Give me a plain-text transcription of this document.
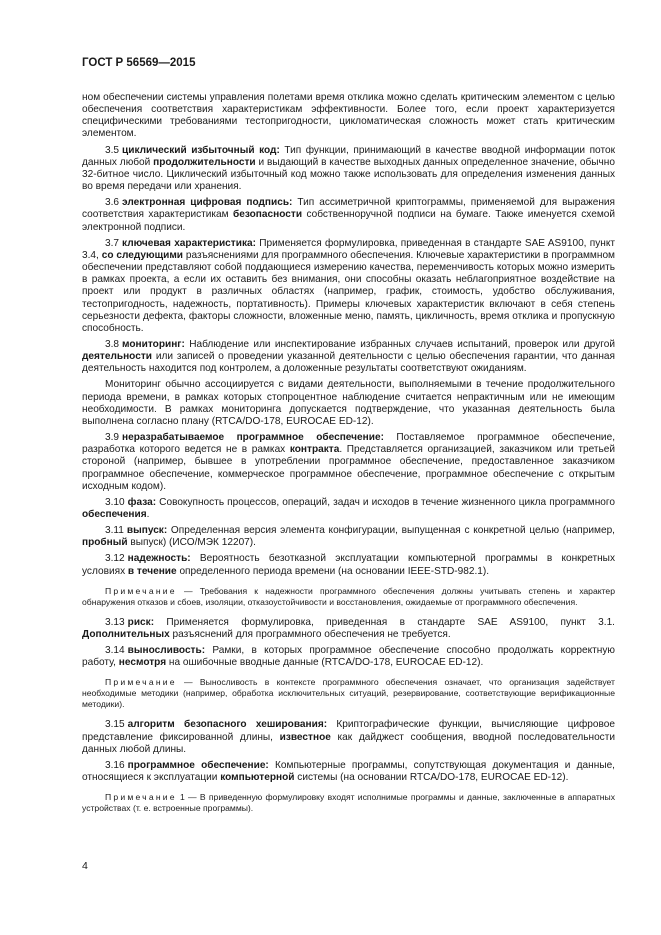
ГОСТ Р 56569—2015

ном обеспечении системы управления полетами время отклика можно сделать критическим элементом с целью обеспечения соответствия характеристикам эффективности. Более того, если проект характеризуется специфическими требованиями тестопригодности, цикломатическая сложность может стать критическим элементом.

3.5 циклический избыточный код: Тип функции, принимающий в качестве вводной информации поток данных любой продолжительности и выдающий в качестве выходных данных определенное значение, обычно 32-битное число. Циклический избыточный код можно также использовать для определения изменения данных во время передачи или хранения.

3.6 электронная цифровая подпись: Тип ассиметричной криптограммы, применяемой для выражения соответствия характеристикам безопасности собственноручной подписи на бумаге. Также именуется схемой электронной подписи.

3.7 ключевая характеристика: Применяется формулировка, приведенная в стандарте SAE AS9100, пункт 3.4, со следующими разъяснениями для программного обеспечения. Ключевые характеристики в программном обеспечении представляют собой поддающиеся измерению качества, переменчивость которых можно измерить в рамках проекта, а если их оставить без внимания, они способны оказать неблагоприятное воздействие на проект или продукт в различных областях (например, график, стоимость, удобство обслуживания, тестопригодность, надежность, портативность). Примеры ключевых характеристик включают в себя степень серьезности дефекта, факторы сложности, вложенные меню, память, цикличность, время отклика и пропускную способность.

3.8 мониторинг: Наблюдение или инспектирование избранных случаев испытаний, проверок или другой деятельности или записей о проведении указанной деятельности с целью обеспечения гарантии, что данная деятельность находится под контролем, а доложенные результаты соответствуют ожиданиям.

Мониторинг обычно ассоциируется с видами деятельности, выполняемыми в течение продолжительного периода времени, в рамках которых стопроцентное наблюдение считается непрактичным или не имеющим необходимости. В рамках мониторинга допускается подтверждение, что указанная деятельность была выполнена согласно плану (RTCA/DO-178, EUROCAE ED-12).

3.9 неразрабатываемое программное обеспечение: Поставляемое программное обеспечение, разработка которого ведется не в рамках контракта. Представляется организацией, заказчиком или третьей стороной (например, бывшее в употреблении программное обеспечение, предоставленное заказчиком программное обеспечение, коммерческое программное обеспечение, программное обеспечение с открытым исходным кодом).

3.10 фаза: Совокупность процессов, операций, задач и исходов в течение жизненного цикла программного обеспечения.

3.11 выпуск: Определенная версия элемента конфигурации, выпущенная с конкретной целью (например, пробный выпуск) (ИСО/МЭК 12207).

3.12 надежность: Вероятность безотказной эксплуатации компьютерной программы в конкретных условиях в течение определенного периода времени (на основании IEEE-STD-982.1).

Примечание — Требования к надежности программного обеспечения должны учитывать степень и характер обнаружения отказов и сбоев, изоляции, отказоустойчивости и восстановления, ожидаемые от программного обеспечения.

3.13 риск: Применяется формулировка, приведенная в стандарте SAE AS9100, пункт 3.1. Дополнительных разъяснений для программного обеспечения не требуется.

3.14 выносливость: Рамки, в которых программное обеспечение способно продолжать корректную работу, несмотря на ошибочные вводные данные (RTCA/DO-178, EUROCAE ED-12).

Примечание — Выносливость в контексте программного обеспечения означает, что организация задействует необходимые методики (например, обработка исключительных ситуаций, резервирование, соответствующие верификационные методики).

3.15 алгоритм безопасного хеширования: Криптографические функции, вычисляющие цифровое представление фиксированной длины, известное как дайджест сообщения, вводной последовательности данных любой длины.

3.16 программное обеспечение: Компьютерные программы, сопутствующая документация и данные, относящиеся к эксплуатации компьютерной системы (на основании RTCA/DO-178, EUROCAE ED-12).

Примечание 1 — В приведенную формулировку входят исполнимые программы и данные, заключенные в аппаратных устройствах (т. е. встроенные программы).

4
